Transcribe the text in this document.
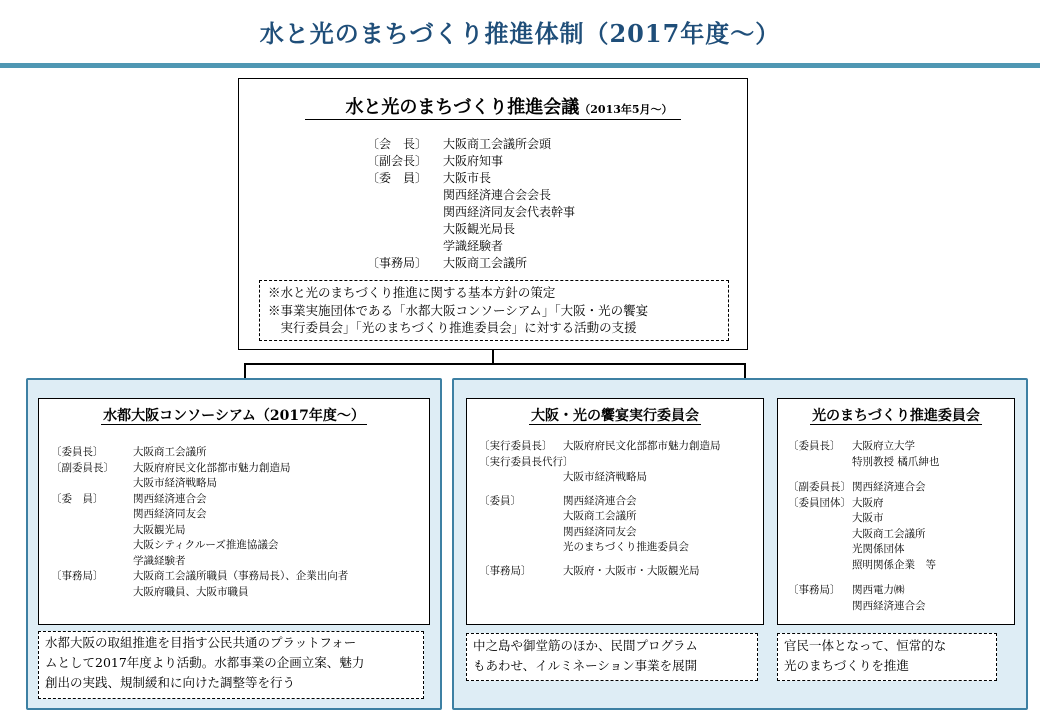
水と光のまちづくり推進体制（2017年度～）
水と光のまちづくり推進会議（2013年5月～）
〔会　長〕 大阪商工会議所会頭
〔副会長〕 大阪府知事
〔委　員〕 大阪市長
関西経済連合会会長
関西経済同友会代表幹事
大阪観光局長
学識経験者
〔事務局〕 大阪商工会議所
※水と光のまちづくり推進に関する基本方針の策定
※事業実施団体である「水都大阪コンソーシアム」「大阪・光の饗宴
　実行委員会」「光のまちづくり推進委員会」に対する活動の支援
水都大阪コンソーシアム（2017年度～）
〔委員長〕	大阪商工会議所
〔副委員長〕 大阪府府民文化部都市魅力創造局
大阪市経済戦略局
〔委　員〕	関西経済連合会
関西経済同友会
大阪観光局
大阪シティクルーズ推進協議会
学識経験者
〔事務局〕	大阪商工会議所職員（事務局長）、企業出向者
大阪府職員、大阪市職員
水都大阪の取組推進を目指す公民共通のプラットフォー
ムとして2017年度より活動。水都事業の企画立案、魅力
創出の実践、規制緩和に向けた調整等を行う
大阪・光の饗宴実行委員会
〔実行委員長〕 大阪府府民文化部都市魅力創造局
〔実行委員長代行〕
大阪市経済戦略局
〔委員〕	関西経済連合会
大阪商工会議所
関西経済同友会
光のまちづくり推進委員会
〔事務局〕	大阪府・大阪市・大阪観光局
中之島や御堂筋のほか、民間プログラム
もあわせ、イルミネーション事業を展開
光のまちづくり推進委員会
〔委員長〕 大阪府立大学
特別教授 橘爪紳也
〔副委員長〕関西経済連合会
〔委員団体〕大阪府
大阪市
大阪商工会議所
光関係団体
照明関係企業　等
〔事務局〕 関西電力㈱
関西経済連合会
官民一体となって、恒常的な
光のまちづくりを推進
